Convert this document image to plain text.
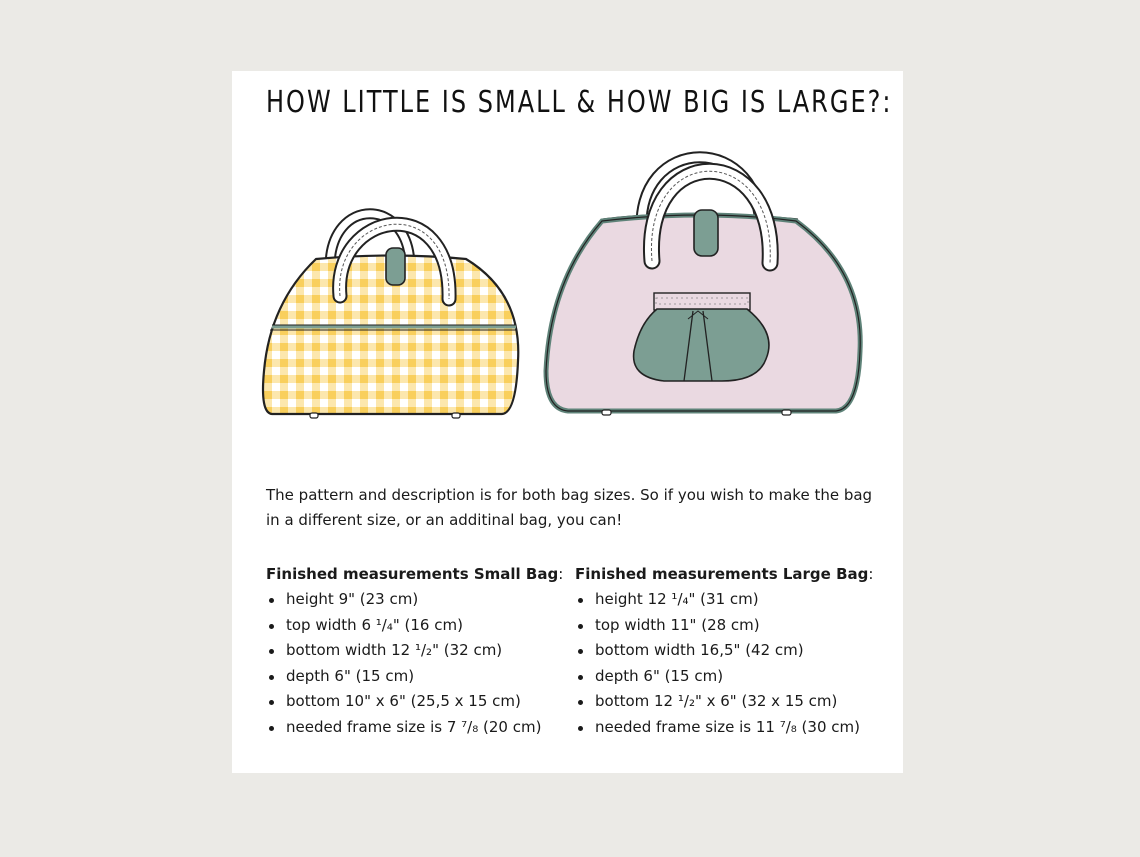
HOW LITTLE IS SMALL & HOW BIG IS LARGE?:

The pattern and description is for both bag sizes. So if you wish to make the bag in a different size, or an additinal bag, you can!

Finished measurements Small Bag:
height 9" (23 cm)
top width 6 ¹/₄" (16 cm)
bottom width 12 ¹/₂" (32 cm)
depth 6" (15 cm)
bottom 10" x 6" (25,5 x 15 cm)
needed frame size is 7 ⁷/₈ (20 cm)
Finished measurements Large Bag:
height 12 ¹/₄" (31 cm)
top width 11" (28 cm)
bottom width 16,5" (42 cm)
depth 6" (15 cm)
bottom 12 ¹/₂" x 6" (32 x 15 cm)
needed frame size is 11 ⁷/₈ (30 cm)
